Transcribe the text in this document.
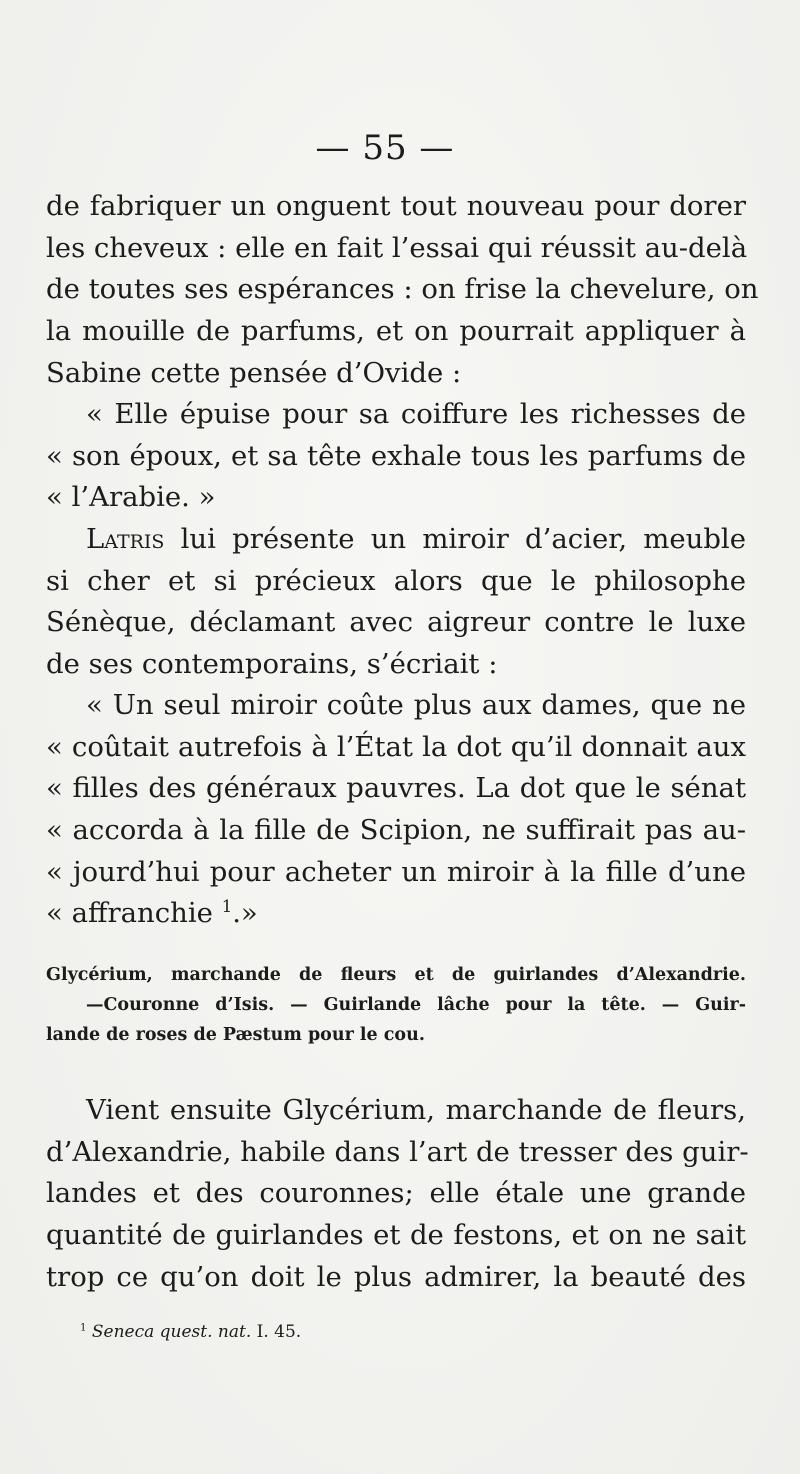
— 55 —
de fabriquer un onguent tout nouveau pour dorer
les cheveux : elle en fait l’essai qui réussit au-delà
de toutes ses espérances : on frise la chevelure, on
la mouille de parfums, et on pourrait appliquer à
Sabine cette pensée d’Ovide :
« Elle épuise pour sa coiffure les richesses de
« son époux, et sa tête exhale tous les parfums de
« l’Arabie. »
Latris lui présente un miroir d’acier, meuble
si cher et si précieux alors que le philosophe
Sénèque, déclamant avec aigreur contre le luxe
de ses contemporains, s’écriait :
« Un seul miroir coûte plus aux dames, que ne
« coûtait autrefois à l’État la dot qu’il donnait aux
« filles des généraux pauvres. La dot que le sénat
« accorda à la fille de Scipion, ne suffirait pas au-
« jourd’hui pour acheter un miroir à la fille d’une
« affranchie $^1$.»
Glycérium, marchande de fleurs et de guirlandes d’Alexandrie.
—Couronne d’Isis. — Guirlande lâche pour la tête. — Guir-
lande de roses de Pæstum pour le cou.
Vient ensuite Glycérium, marchande de fleurs,
d’Alexandrie, habile dans l’art de tresser des guir-
landes et des couronnes; elle étale une grande
quantité de guirlandes et de festons, et on ne sait
trop ce qu’on doit le plus admirer, la beauté des
$^1$ Seneca quest. nat. I. 45.
